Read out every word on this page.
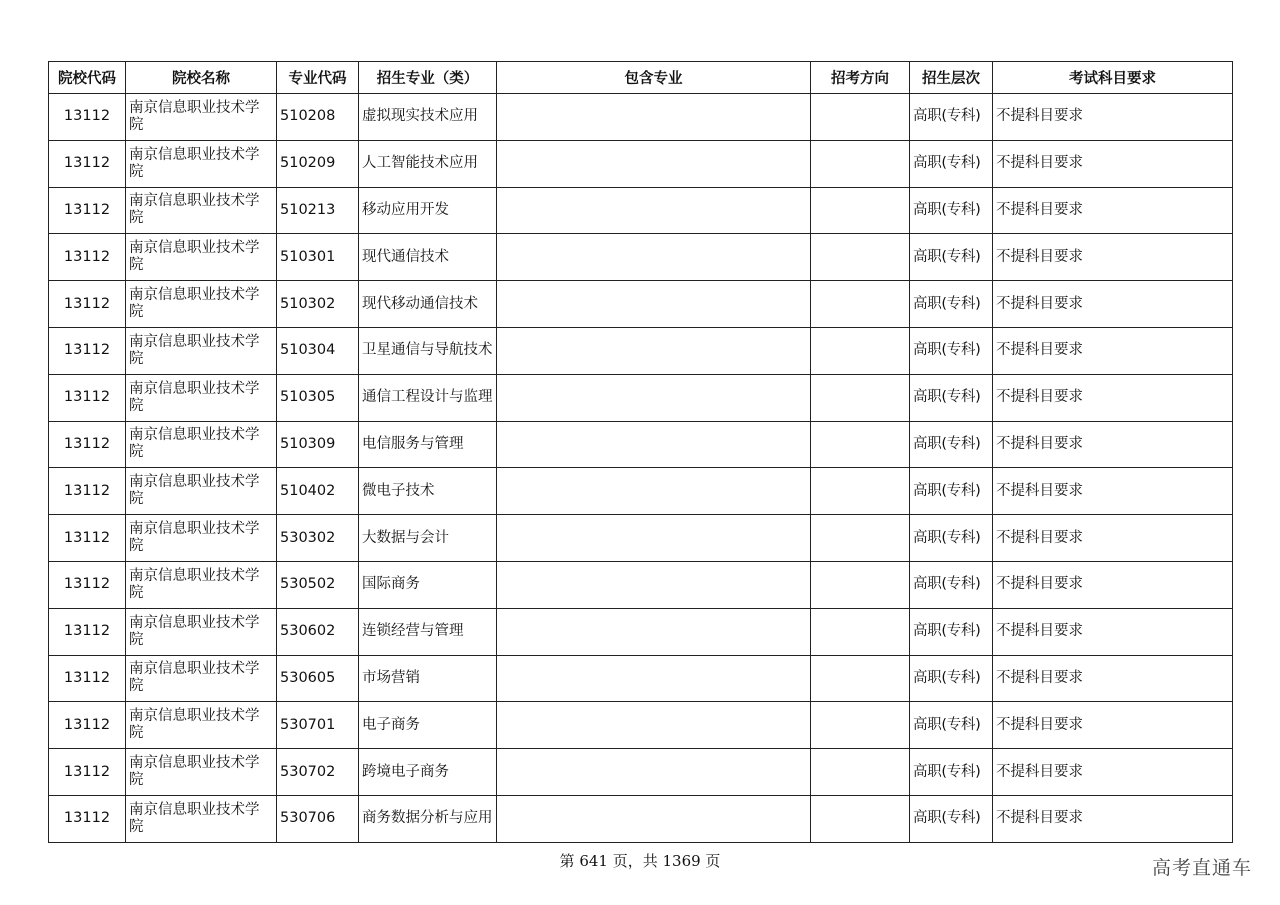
院校代码	院校名称	专业代码	招生专业（类）	包含专业	招考方向	招生层次	考试科目要求
13112	南京信息职业技术学院	510208	虚拟现实技术应用			高职(专科)	不提科目要求
13112	南京信息职业技术学院	510209	人工智能技术应用			高职(专科)	不提科目要求
13112	南京信息职业技术学院	510213	移动应用开发			高职(专科)	不提科目要求
13112	南京信息职业技术学院	510301	现代通信技术			高职(专科)	不提科目要求
13112	南京信息职业技术学院	510302	现代移动通信技术			高职(专科)	不提科目要求
13112	南京信息职业技术学院	510304	卫星通信与导航技术			高职(专科)	不提科目要求
13112	南京信息职业技术学院	510305	通信工程设计与监理			高职(专科)	不提科目要求
13112	南京信息职业技术学院	510309	电信服务与管理			高职(专科)	不提科目要求
13112	南京信息职业技术学院	510402	微电子技术			高职(专科)	不提科目要求
13112	南京信息职业技术学院	530302	大数据与会计			高职(专科)	不提科目要求
13112	南京信息职业技术学院	530502	国际商务			高职(专科)	不提科目要求
13112	南京信息职业技术学院	530602	连锁经营与管理			高职(专科)	不提科目要求
13112	南京信息职业技术学院	530605	市场营销			高职(专科)	不提科目要求
13112	南京信息职业技术学院	530701	电子商务			高职(专科)	不提科目要求
13112	南京信息职业技术学院	530702	跨境电子商务			高职(专科)	不提科目要求
13112	南京信息职业技术学院	530706	商务数据分析与应用			高职(专科)	不提科目要求
第 641 页，共 1369 页	高考直通车
